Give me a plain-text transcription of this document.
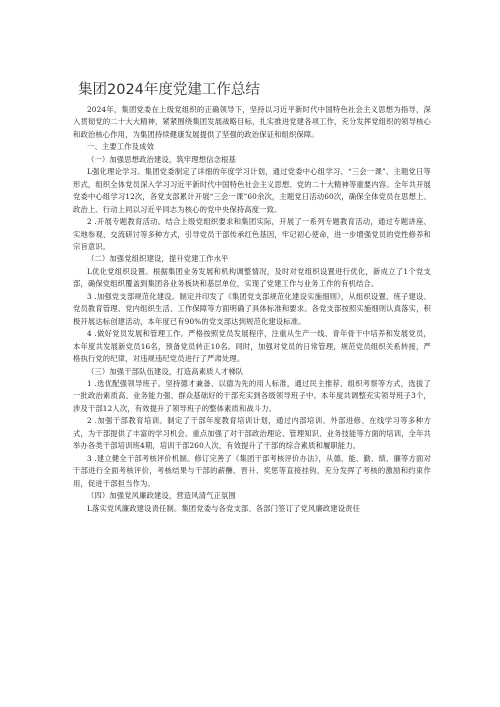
集团2024年度党建工作总结

2024年，集团党委在上级党组织的正确领导下，坚持以习近平新时代中国特色社会主义思想为指导，深入贯彻党的二十大大精神，紧紧围绕集团发展战略目标，扎实推进党建各项工作，充分发挥党组织的领导核心和政治核心作用，为集团持续健康发展提供了坚强的政治保证和组织保障。

一、主要工作及成效

（一）加强思想政治建设，筑牢理想信念根基

L强化理论学习。集团党委制定了详细的年度学习计划，通过党委中心组学习、“三会一课”、主题党日等形式，组织全体党员深入学习习近平新时代中国特色社会主义思想、党的二十大精神等重要内容。全年共开展党委中心组学习12次，各党支部累计开展“三会一课”60余次，主题党日活动60次，确保全体党员在思想上、政治上、行动上同以习近平同志为核心的党中央保持高度一致。

2 .开展专题教育活动。结合上级党组织要求和集团实际，开展了一系列专题教育活动，通过专题讲座、实地参观、交流研讨等多种方式，引导党员干部传承红色基因，牢记初心使命，进一步增强党员的党性修养和宗旨意识。

（二）加强党组织建设，提升党建工作水平

L优化党组织设置。根据集团业务发展和机构调整情况，及时对党组织设置进行优化，新成立了1个党支部，确保党组织覆盖到集团各业务板块和基层单位，实现了党建工作与业务工作的有机结合。

3 .加强党支部规范化建设。制定并印发了《集团党支部规范化建设实施细则》，从组织设置、班子建设、党员教育管理、党内组织生活、工作保障等方面明确了具体标准和要求。各党支部按照实施细则认真落实，积极开展达标创建活动，本年度已有90%的党支部达到规范化建设标准。

4 .做好党员发展和管理工作。严格按照党员发展程序，注重从生产一线、青年骨干中培养和发展党员，本年度共发展新党员16名，预备党员转正10名。同时，加强对党员的日常管理，规范党员组织关系转接，严格执行党的纪律，对违规违纪党员进行了严肃处理。

（三）加强干部队伍建设，打造高素质人才梯队

1 .选优配强领导班子。坚持德才兼备、以德为先的用人标准，通过民主推荐、组织考察等方式，选拔了一批政治素质高、业务能力强、群众基础好的干部充实到各级领导班子中。本年度共调整充实领导班子3个，涉及干部12人次，有效提升了领导班子的整体素质和战斗力。

2 .加强干部教育培训。制定了干部年度教育培训计划，通过内部培训、外部进修、在线学习等多种方式，为干部提供了丰富的学习机会。重点加强了对干部政治理论、管理知识、业务技能等方面的培训，全年共举办各类干部培训班4期，培训干部260人次，有效提升了干部的综合素质和履职能力。

3 .建立健全干部考核评价机制。修订完善了《集团干部考核评价办法》，从德、能、勤、绩、廉等方面对干部进行全面考核评价，考核结果与干部的薪酬、晋升、奖惩等直接挂钩，充分发挥了考核的激励和约束作用，促进干部担当作为。

（四）加强党风廉政建设，营造风清气正氛围

L落实党风廉政建设责任制。集团党委与各党支部、各部门签订了党风廉政建设责任
